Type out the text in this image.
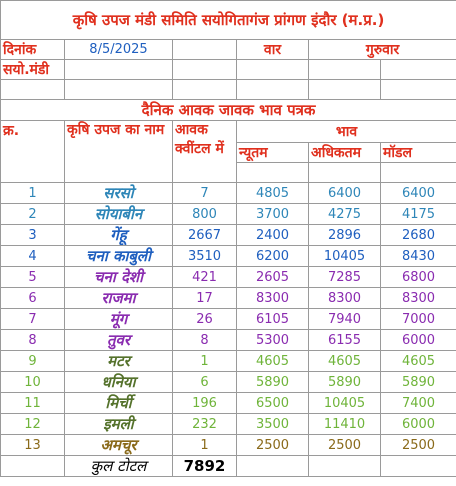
कृषि उपज मंडी समिति सयोगितागंज प्रांगण इंदौर (म.प्र.)					
दिनांक	8/5/2025		वार	गुरुवार	
सयो.मंडी					

दैनिक आवक जावक भाव पत्रक					
क्र.	कृषि उपज का नाम	आवक क्वींटल में	भाव		
			न्यूतम	अधिकतम	मॉडल

1	सरसो	7	4805	6400	6400
2	सोयाबीन	800	3700	4275	4175
3	गेंहू	2667	2400	2896	2680
4	चना काबुली	3510	6200	10405	8430
5	चना देशी	421	2605	7285	6800
6	राजमा	17	8300	8300	8300
7	मूंग	26	6105	7940	7000
8	तुवर	8	5300	6155	6000
9	मटर	1	4605	4605	4605
10	धनिया	6	5890	5890	5890
11	मिर्ची	196	6500	10405	7400
12	इमली	232	3500	11410	6000
13	अमचूर	1	2500	2500	2500
	कुल टोटल	7892			
